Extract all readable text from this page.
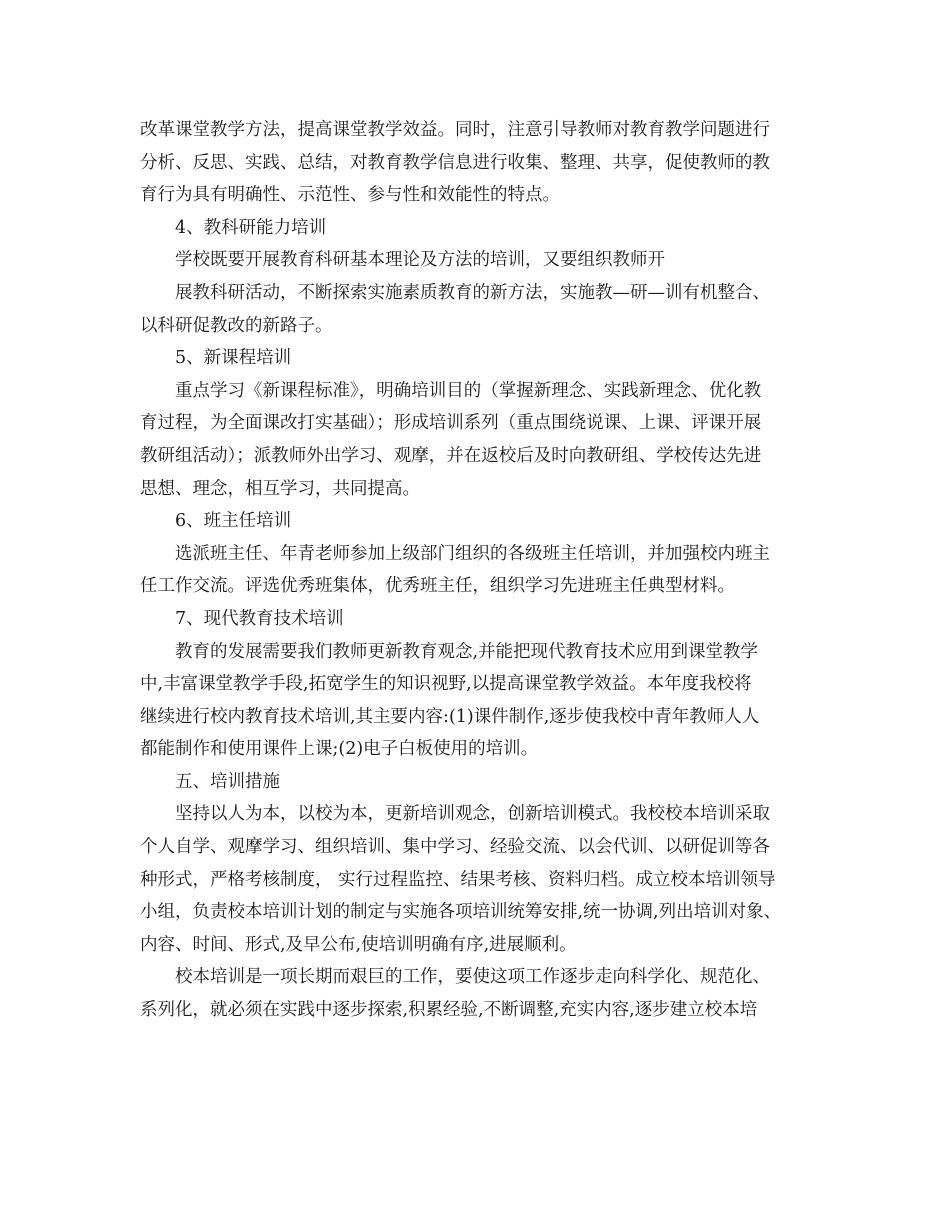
改革课堂教学方法，提高课堂教学效益。同时，注意引导教师对教育教学问题进行
分析、反思、实践、总结，对教育教学信息进行收集、整理、共享，促使教师的教
育行为具有明确性、示范性、参与性和效能性的特点。
4、教科研能力培训
学校既要开展教育科研基本理论及方法的培训，又要组织教师开
展教科研活动，不断探索实施素质教育的新方法，实施教—研—训有机整合、
以科研促教改的新路子。
5、新课程培训
重点学习《新课程标准》，明确培训目的（掌握新理念、实践新理念、优化教
育过程，为全面课改打实基础）；形成培训系列（重点围绕说课、上课、评课开展
教研组活动）；派教师外出学习、观摩，并在返校后及时向教研组、学校传达先进
思想、理念，相互学习，共同提高。
6、班主任培训
选派班主任、年青老师参加上级部门组织的各级班主任培训，并加强校内班主
任工作交流。评选优秀班集体，优秀班主任，组织学习先进班主任典型材料。
7、现代教育技术培训
教育的发展需要我们教师更新教育观念,并能把现代教育技术应用到课堂教学
中,丰富课堂教学手段,拓宽学生的知识视野,以提高课堂教学效益。本年度我校将
继续进行校内教育技术培训,其主要内容:(1)课件制作,逐步使我校中青年教师人人
都能制作和使用课件上课;(2)电子白板使用的培训。
五、培训措施
坚持以人为本，以校为本，更新培训观念，创新培训模式。我校校本培训采取
个人自学、观摩学习、组织培训、集中学习、经验交流、以会代训、以研促训等各
种形式，严格考核制度， 实行过程监控、结果考核、资料归档。成立校本培训领导
小组，负责校本培训计划的制定与实施各项培训统筹安排,统一协调,列出培训对象、
内容、时间、形式,及早公布,使培训明确有序,进展顺利。
校本培训是一项长期而艰巨的工作，要使这项工作逐步走向科学化、规范化、
系列化，就必须在实践中逐步探索,积累经验,不断调整,充实内容,逐步建立校本培
